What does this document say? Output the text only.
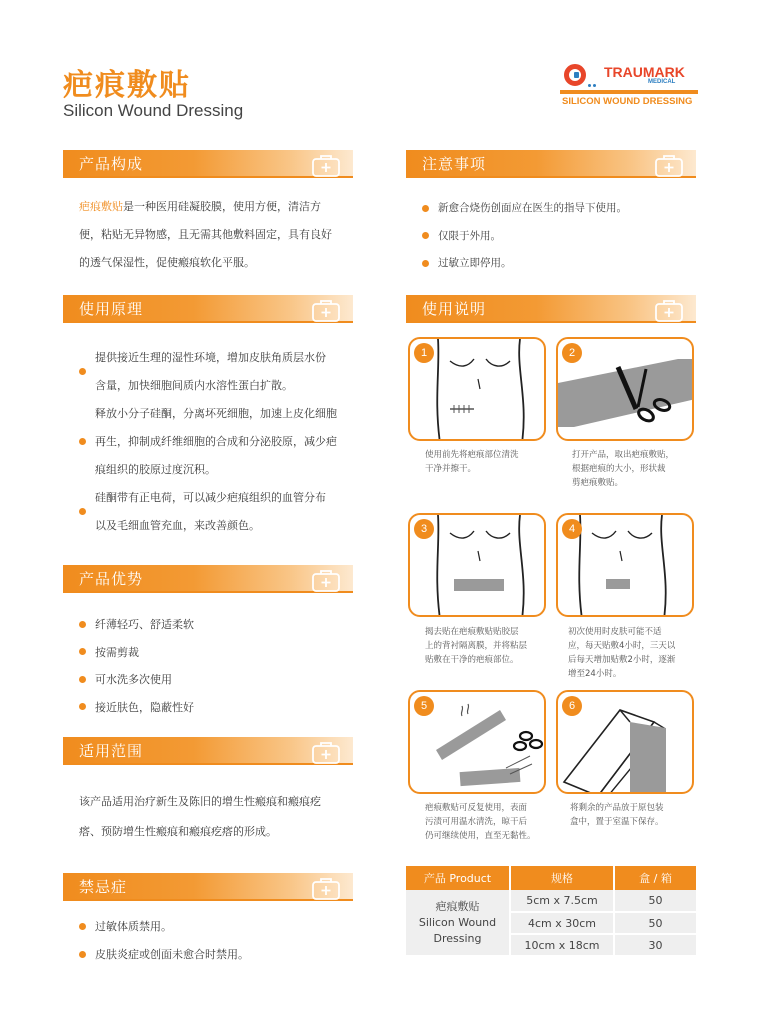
疤痕敷贴
Silicon Wound Dressing
TRAUMARK
MEDICAL
SILICON WOUND DRESSING
产品构成
疤痕敷贴是一种医用硅凝胶膜，使用方便，清洁方
便，粘贴无异物感，且无需其他敷料固定，具有良好
的透气保湿性，促使瘢痕软化平服。
使用原理
提供接近生理的湿性环境，增加皮肤角质层水份
含量，加快细胞间质内水溶性蛋白扩散。
释放小分子硅酮，分离坏死细胞，加速上皮化细胞
再生，抑制成纤维细胞的合成和分泌胶原，减少疤
痕组织的胶原过度沉积。
硅酮带有正电荷，可以减少疤痕组织的血管分布
以及毛细血管充血，来改善颜色。
产品优势
纤薄轻巧、舒适柔软
按需剪裁
可水洗多次使用
接近肤色，隐蔽性好
适用范围
该产品适用治疗新生及陈旧的增生性瘢痕和瘢痕疙
瘩、预防增生性瘢痕和瘢痕疙瘩的形成。
禁忌症
过敏体质禁用。
皮肤炎症或创面未愈合时禁用。
注意事项
新愈合烧伤创面应在医生的指导下使用。
仅限于外用。
过敏立即停用。
使用说明
1
使用前先将疤痕部位清洗
干净并擦干。
2
打开产品，取出疤痕敷贴，
根据疤痕的大小，形状裁
剪疤痕敷贴。
3
揭去贴在疤痕敷贴贴胶层
上的背衬隔离膜，并将粘层
贴敷在干净的疤痕部位。
4
初次使用时皮肤可能不适
应，每天贴敷4小时，三天以
后每天增加贴敷2小时，逐渐
增至24小时。
5
疤痕敷贴可反复使用，表面
污渍可用温水清洗，晾干后
仍可继续使用，直至无黏性。
6
将剩余的产品放于原包装
盒中，置于室温下保存。
产品 Product	规格	盒 / 箱

疤痕敷贴
Silicon Wound
Dressing	5cm x 7.5cm	50
	4cm x 30cm	50
	10cm x 18cm	30
